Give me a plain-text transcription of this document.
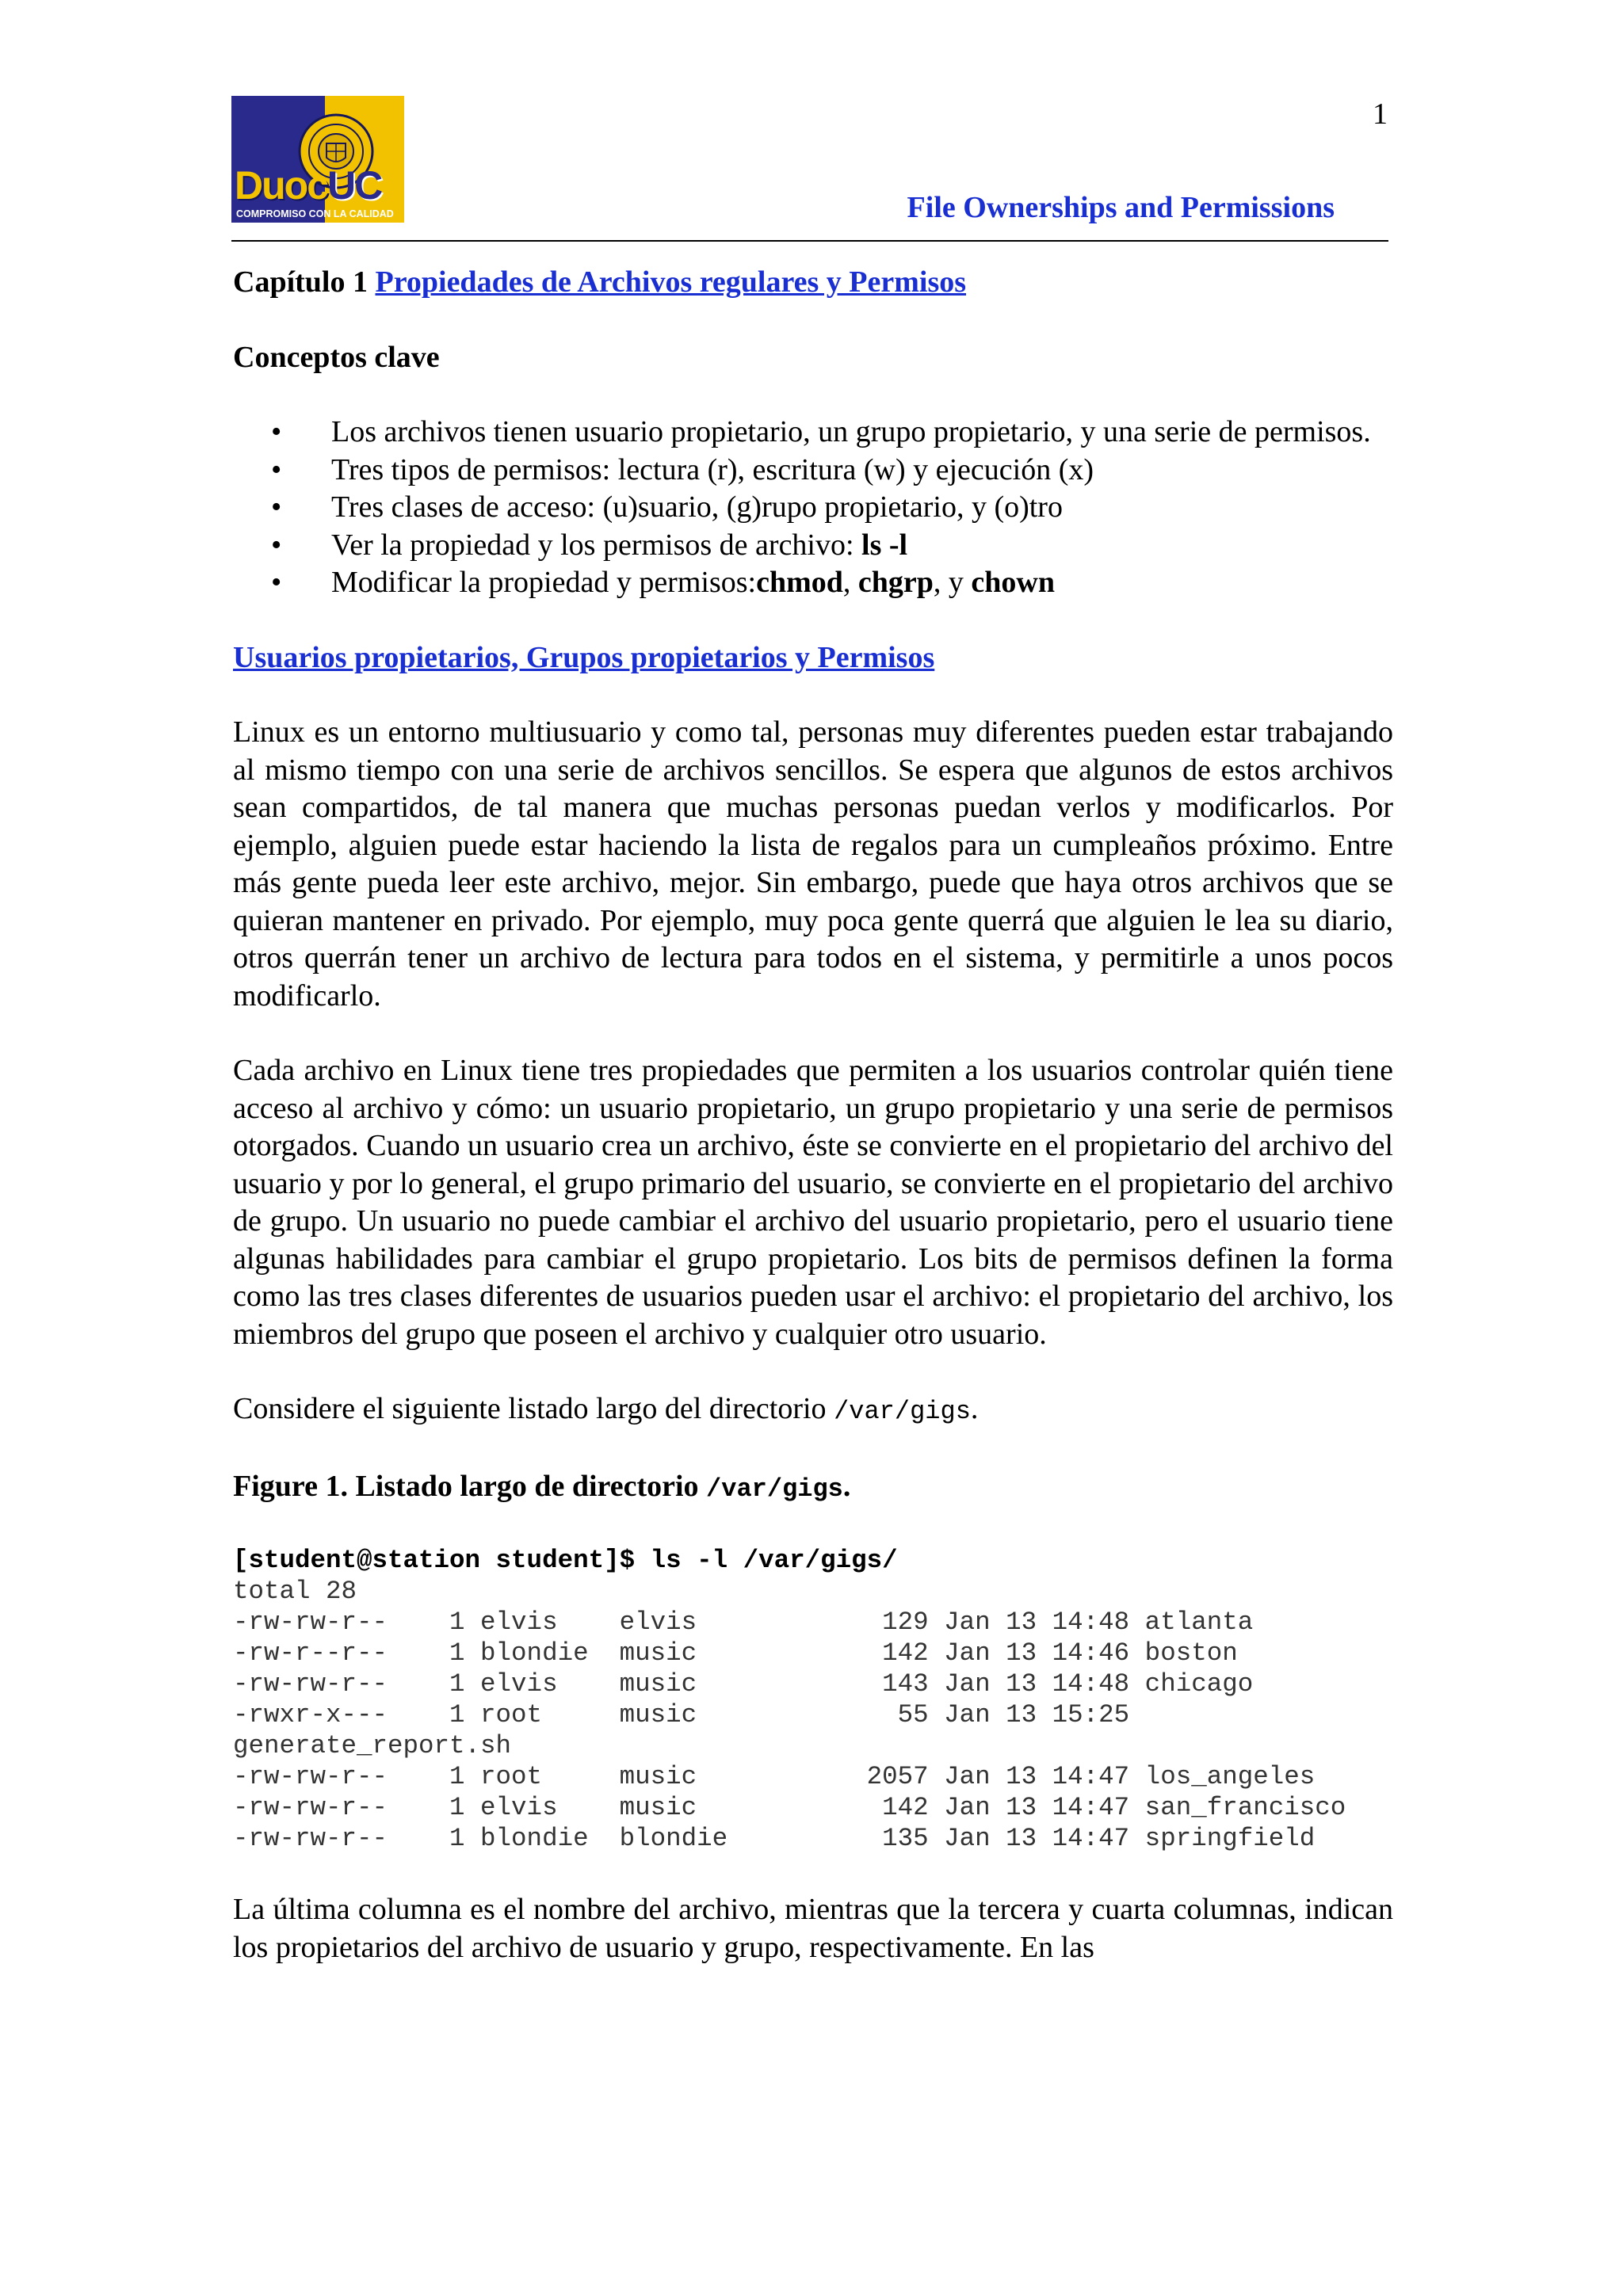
1
DuocUC
COMPROMISO CON LA CALIDAD	File Ownerships and Permissions

Capítulo 1 Propiedades de Archivos regulares y Permisos

Conceptos clave

• Los archivos tienen usuario propietario, un grupo propietario, y una serie de permisos.
• Tres tipos de permisos: lectura (r), escritura (w) y ejecución (x)
• Tres clases de acceso: (u)suario, (g)rupo propietario, y (o)tro
• Ver la propiedad y los permisos de archivo: ls -l
• Modificar la propiedad y permisos:chmod, chgrp, y chown

Usuarios propietarios, Grupos propietarios y Permisos

Linux es un entorno multiusuario y como tal, personas muy diferentes pueden estar trabajando al mismo tiempo con una serie de archivos sencillos. Se espera que algunos de estos archivos sean compartidos, de tal manera que muchas personas puedan verlos y modificarlos. Por ejemplo, alguien puede estar haciendo la lista de regalos para un cumpleaños próximo. Entre más gente pueda leer este archivo, mejor. Sin embargo, puede que haya otros archivos que se quieran mantener en privado. Por ejemplo, muy poca gente querrá que alguien le lea su diario, otros querrán tener un archivo de lectura para todos en el sistema, y permitirle a unos pocos modificarlo.

Cada archivo en Linux tiene tres propiedades que permiten a los usuarios controlar quién tiene acceso al archivo y cómo: un usuario propietario, un grupo propietario y una serie de permisos otorgados. Cuando un usuario crea un archivo, éste se convierte en el propietario del archivo del usuario y por lo general, el grupo primario del usuario, se convierte en el propietario del archivo de grupo. Un usuario no puede cambiar el archivo del usuario propietario, pero el usuario tiene algunas habilidades para cambiar el grupo propietario. Los bits de permisos definen la forma como las tres clases diferentes de usuarios pueden usar el archivo: el propietario del archivo, los miembros del grupo que poseen el archivo y cualquier otro usuario.

Considere el siguiente listado largo del directorio /var/gigs.

Figure 1. Listado largo de directorio /var/gigs.

[student@station student]$ ls -l /var/gigs/
total 28
-rw-rw-r--    1 elvis    elvis            129 Jan 13 14:48 atlanta
-rw-r--r--    1 blondie  music            142 Jan 13 14:46 boston
-rw-rw-r--    1 elvis    music            143 Jan 13 14:48 chicago
-rwxr-x---    1 root     music             55 Jan 13 15:25
generate_report.sh
-rw-rw-r--    1 root     music           2057 Jan 13 14:47 los_angeles
-rw-rw-r--    1 elvis    music            142 Jan 13 14:47 san_francisco
-rw-rw-r--    1 blondie  blondie          135 Jan 13 14:47 springfield

La última columna es el nombre del archivo, mientras que la tercera y cuarta columnas, indican los propietarios del archivo de usuario y grupo, respectivamente. En las
